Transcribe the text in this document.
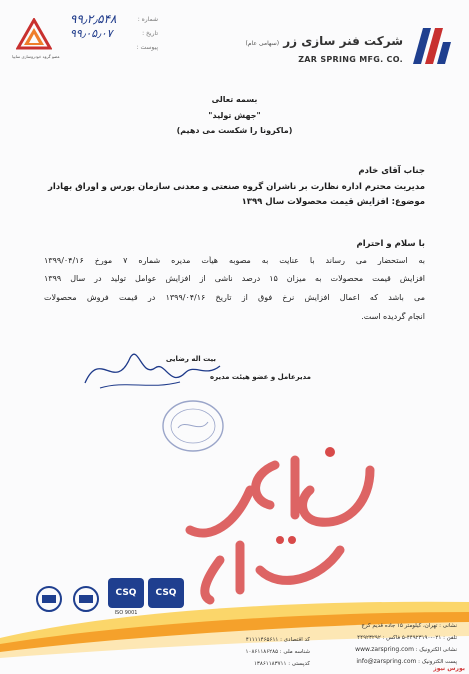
عضو گروه خودروسازی سایپا
شماره :
۹۹٫۲٫۵۴۸
تاریخ :
۹۹٫۰۵٫۰۷
پیوست :	شرکت فنر سازی زر (سهامی عام)
ZAR SPRING MFG. CO.
بسمه تعالی
"جهش تولید"
(ماکرونا را شکست می دهیم)
جناب آقای خادم
مدیریت محترم اداره نظارت بر ناشران گروه صنعتی و معدنی سازمان بورس و اوراق بهادار
موضوع: افزایش قیمت محصولات سال ۱۳۹۹
با سلام و احترام
به استحضار می رساند با عنایت به مصوبه هیأت مدیره شماره ۷ مورخ ۱۳۹۹/۰۴/۱۶
افزایش قیمت محصولات به میزان ۱۵ درصد ناشی از افزایش عوامل تولید در سال ۱۳۹۹
می باشد که اعمال افزایش نرخ فوق از تاریخ ۱۳۹۹/۰۴/۱۶ در قیمت فروش محصولات
انجام گردیده است.
بیت اله رضایی
مدیرعامل و عضو هیئت مدیره
CSQ	CSQ
ISO 9001
کد اقتصادی : ۴۱۱۱۱۴۶۵۶۱۱
شناسه ملی : ۱۰۸۶۱۱۸۶۲۸۵
کدپستی : ۱۳۸۶۱۱۸۳۷۱۱
نشانی : تهران، کیلومتر ۱۵ جاده قدیم کرج
تلفن : ۰۲۱-۴۴۹۲۳۱۹۰-۵ فاکس : ۴۴۹۲۳۲۹۲
نشانی الکترونیک : www.zarspring.com
پست الکترونیک : info@zarspring.com
بورس نیوز
